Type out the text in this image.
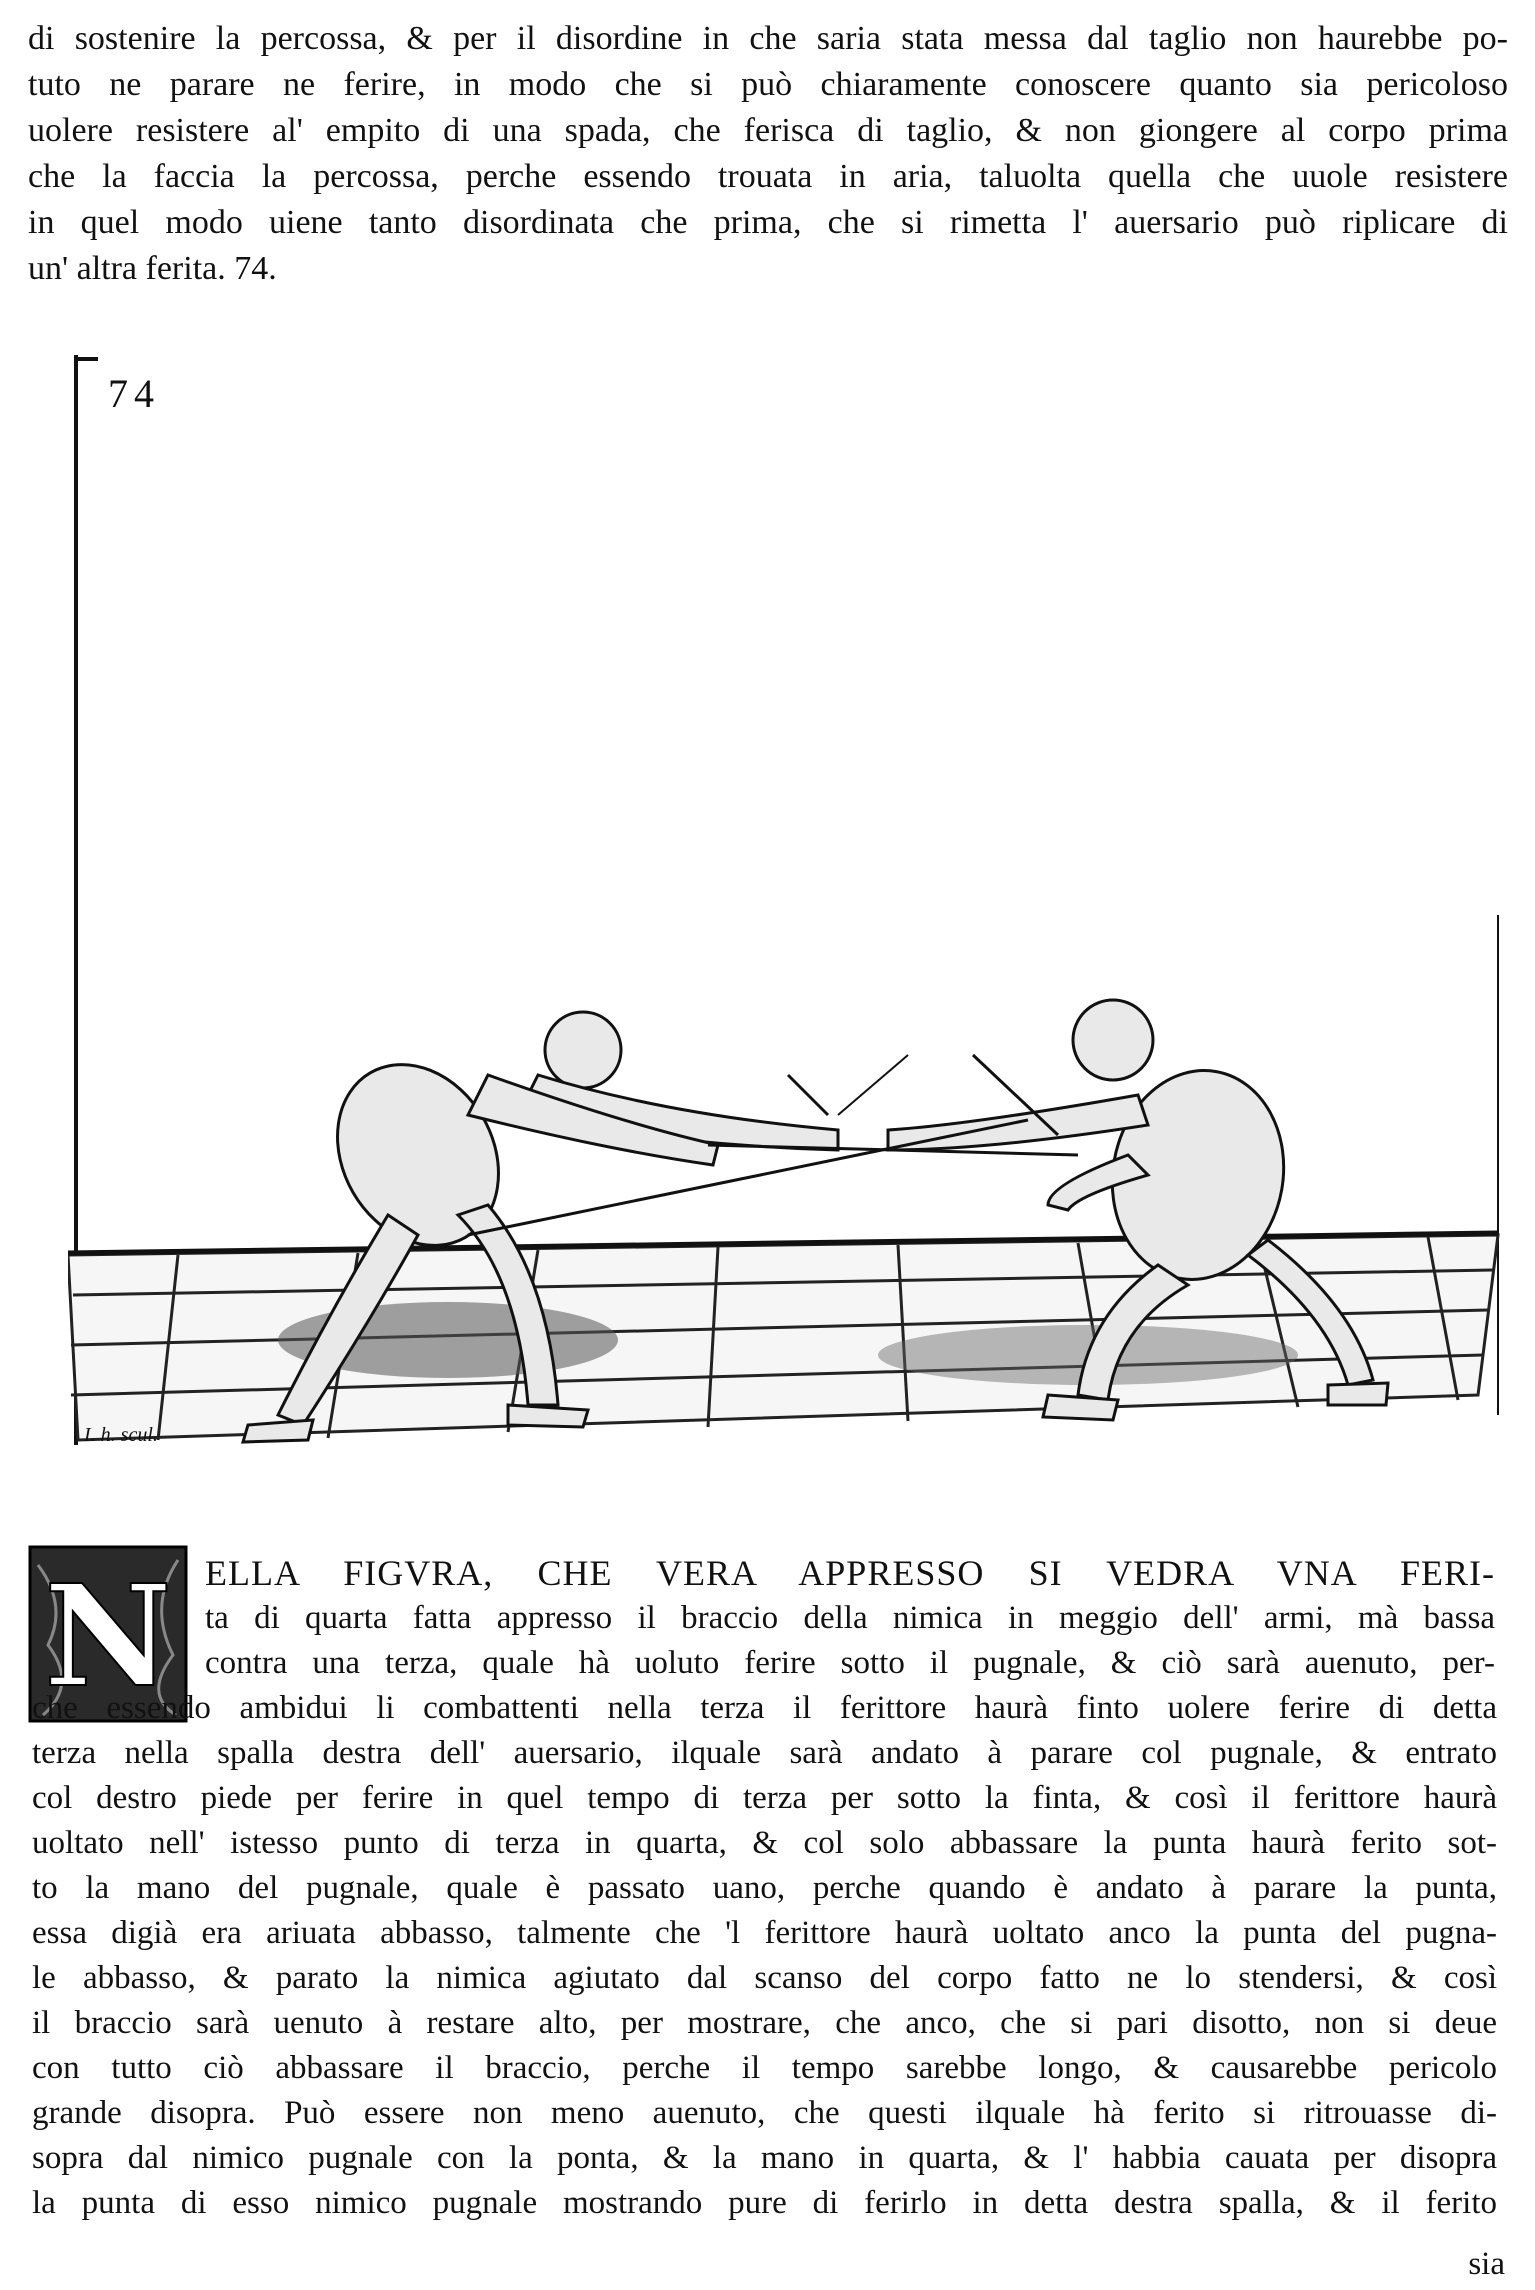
di sostenire la percossa, & per il disordine in che saria stata messa dal taglio non haurebbe po-
tuto ne parare ne ferire, in modo che si può chiaramente conoscere quanto sia pericoloso
uolere resistere al' empito di una spada, che ferisca di taglio, & non giongere al corpo prima
che la faccia la percossa, perche essendo trouata in aria, taluolta quella che uuole resistere
in quel modo uiene tanto disordinata che prima, che si rimetta l' auersario può riplicare di
un' altra ferita. 74.
74
I. h. scul.
N ELLA FIGVRA, CHE VERA APPRESSO SI VEDRA VNA FERI-
ta di quarta fatta appresso il braccio della nimica in meggio dell' armi, mà bassa
contra una terza, quale hà uoluto ferire sotto il pugnale, & ciò sarà auenuto, per-
che essendo ambidui li combattenti nella terza il ferittore haurà finto uolere ferire di detta
terza nella spalla destra dell' auersario, ilquale sarà andato à parare col pugnale, & entrato
col destro piede per ferire in quel tempo di terza per sotto la finta, & così il ferittore haurà
uoltato nell' istesso punto di terza in quarta, & col solo abbassare la punta haurà ferito sot-
to la mano del pugnale, quale è passato uano, perche quando è andato à parare la punta,
essa digià era ariuata abbasso, talmente che 'l ferittore haurà uoltato anco la punta del pugna-
le abbasso, & parato la nimica agiutato dal scanso del corpo fatto ne lo stendersi, & così
il braccio sarà uenuto à restare alto, per mostrare, che anco, che si pari disotto, non si deue
con tutto ciò abbassare il braccio, perche il tempo sarebbe longo, & causarebbe pericolo
grande disopra. Può essere non meno auenuto, che questi ilquale hà ferito si ritrouasse di-
sopra dal nimico pugnale con la ponta, & la mano in quarta, & l' habbia cauata per disopra
la punta di esso nimico pugnale mostrando pure di ferirlo in detta destra spalla, & il ferito
sia
